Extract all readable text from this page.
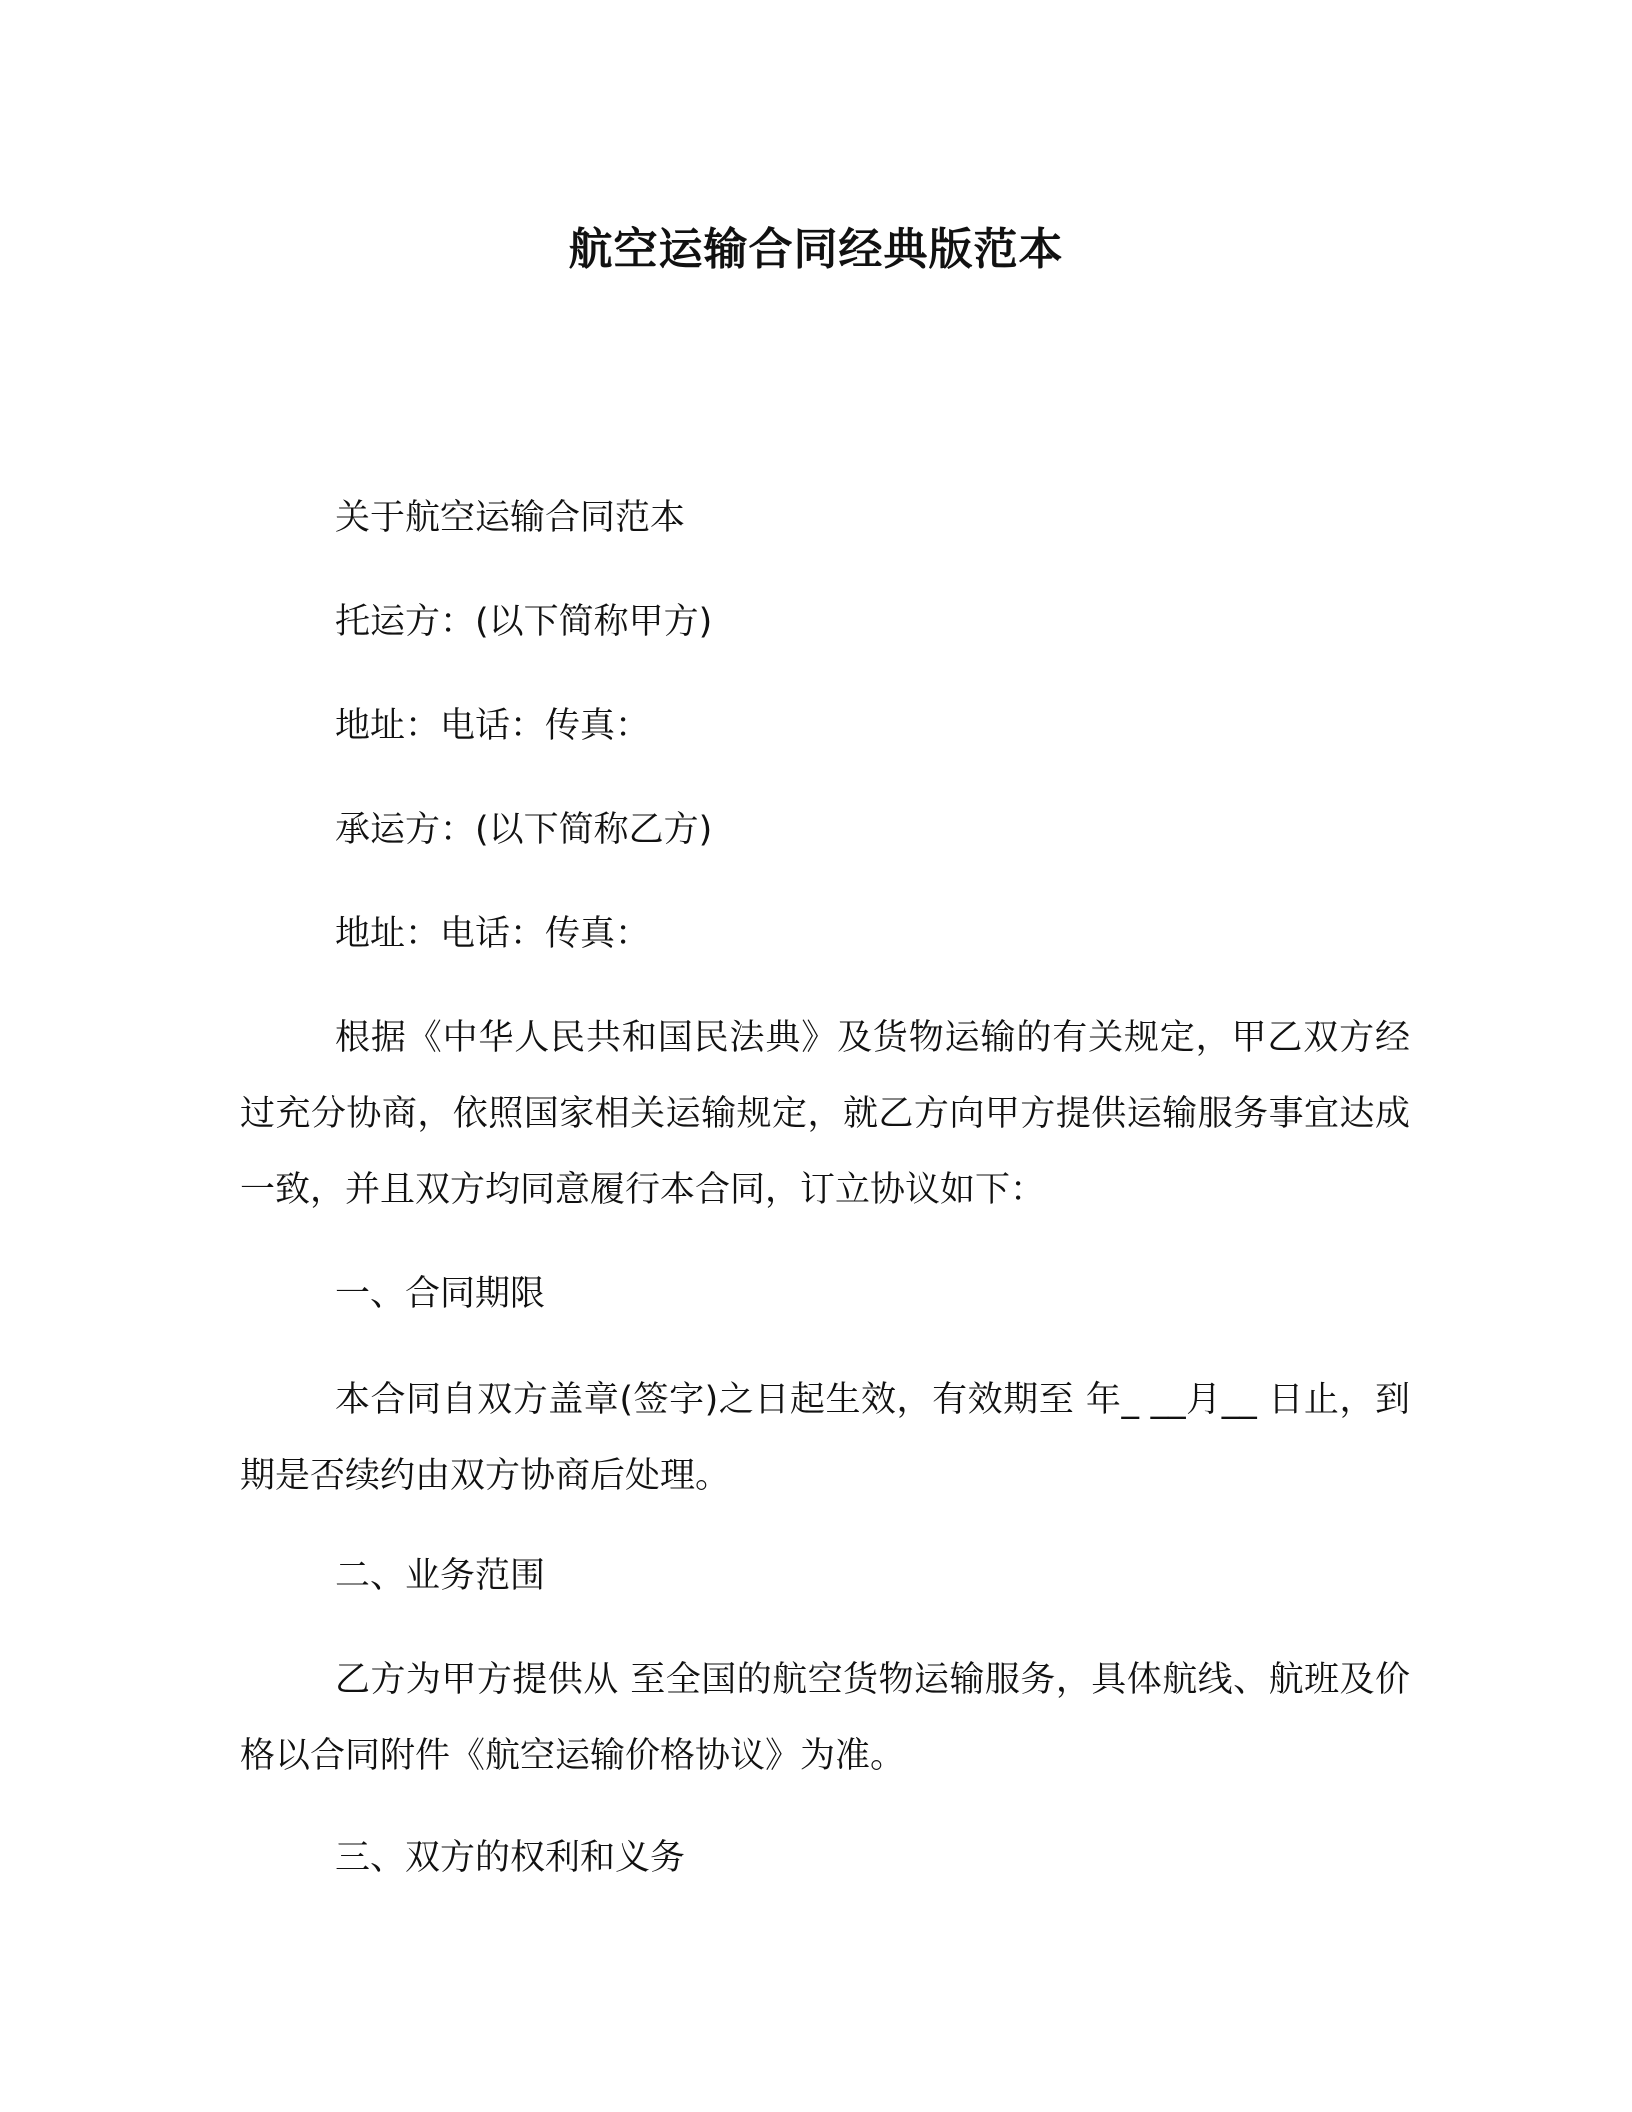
航空运输合同经典版范本

关于航空运输合同范本

托运方：(以下简称甲方)

地址：电话：传真：

承运方：(以下简称乙方)

地址：电话：传真：

根据《中华人民共和国民法典》及货物运输的有关规定，甲乙双方经过充分协商，依照国家相关运输规定，就乙方向甲方提供运输服务事宜达成一致，并且双方均同意履行本合同，订立协议如下：

一、合同期限

本合同自双方盖章(签字)之日起生效，有效期至 年_ __月__ 日止，到期是否续约由双方协商后处理。

二、业务范围

乙方为甲方提供从 至全国的航空货物运输服务，具体航线、航班及价格以合同附件《航空运输价格协议》为准。

三、双方的权利和义务
